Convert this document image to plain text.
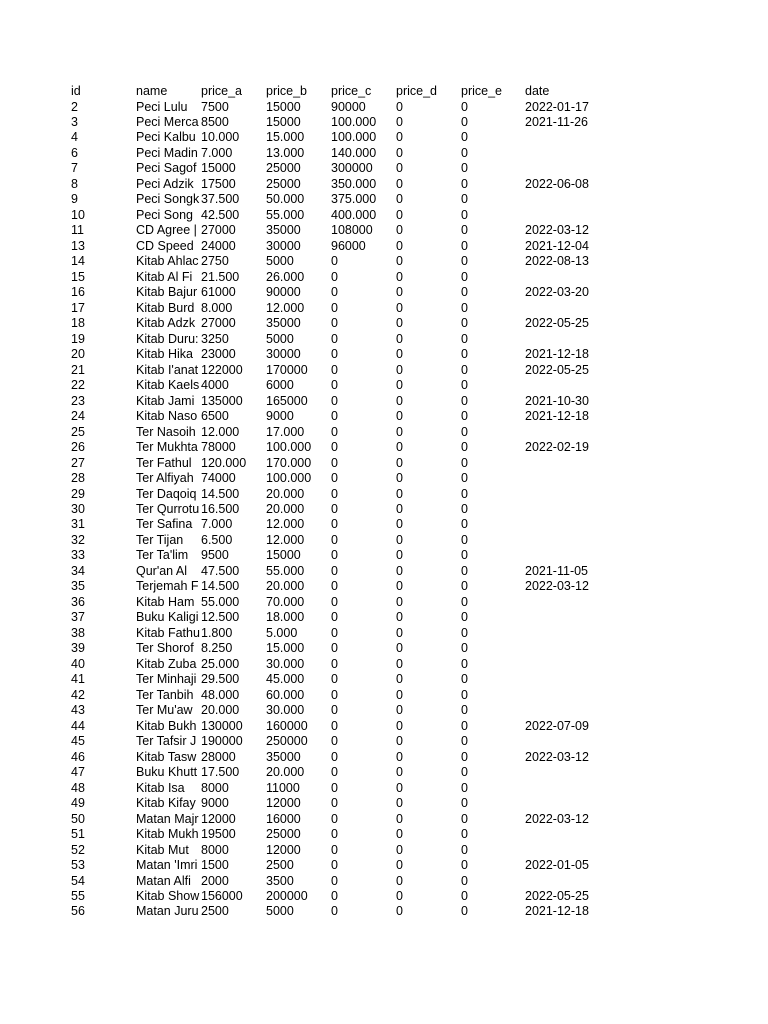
id	name	price_a	price_b	price_c	price_d	price_e	date
2	Peci Lulu	7500	15000	90000	0	0	2022-01-17
3	Peci Merca 8500	15000	100.000	0	0	2021-11-26
4	Peci Kalbu 10.000	15.000	100.000	0	0
6	Peci Madin 7.000	13.000	140.000	0	0
7	Peci Sagof 15000	25000	300000	0	0
8	Peci Adzik 17500	25000	350.000	0	0	2022-06-08
9	Peci Songk 37.500	50.000	375.000	0	0
10	Peci Song 42.500	55.000	400.000	0	0
11	CD Agree | 27000	35000	108000	0	0	2022-03-12
13	CD Speed 24000	30000	96000	0	0	2021-12-04
14	Kitab Ahlac 2750	5000	0	0	0	2022-08-13
15	Kitab Al Fi 21.500	26.000	0	0	0
16	Kitab Bajur 61000	90000	0	0	0	2022-03-20
17	Kitab Burd 8.000	12.000	0	0	0
18	Kitab Adzk 27000	35000	0	0	0	2022-05-25
19	Kitab Duru: 3250	5000	0	0	0
20	Kitab Hika 23000	30000	0	0	0	2021-12-18
21	Kitab I'anat 122000	170000	0	0	0	2022-05-25
22	Kitab Kaels 4000	6000	0	0	0
23	Kitab Jami 135000	165000	0	0	0	2021-10-30
24	Kitab Naso 6500	9000	0	0	0	2021-12-18
25	Ter Nasoih 12.000	17.000	0	0	0
26	Ter Mukhta 78000	100.000	0	0	0	2022-02-19
27	Ter Fathul 120.000	170.000	0	0	0
28	Ter Alfiyah 74000	100.000	0	0	0
29	Ter Daqoiq 14.500	20.000	0	0	0
30	Ter Qurrotu 16.500	20.000	0	0	0
31	Ter Safina 7.000	12.000	0	0	0
32	Ter Tijan	6.500	12.000	0	0	0
33	Ter Ta'lim	9500	15000	0	0	0
34	Qur'an Al	47.500	55.000	0	0	0	2021-11-05
35	Terjemah F 14.500	20.000	0	0	0	2022-03-12
36	Kitab Ham 55.000	70.000	0	0	0
37	Buku Kaligi 12.500	18.000	0	0	0
38	Kitab Fathu 1.800	5.000	0	0	0
39	Ter Shorof 8.250	15.000	0	0	0
40	Kitab Zuba 25.000	30.000	0	0	0
41	Ter Minhaji 29.500	45.000	0	0	0
42	Ter Tanbih 48.000	60.000	0	0	0
43	Ter Mu'aw 20.000	30.000	0	0	0
44	Kitab Bukh 130000	160000	0	0	0	2022-07-09
45	Ter Tafsir J 190000	250000	0	0	0
46	Kitab Tasw 28000	35000	0	0	0	2022-03-12
47	Buku Khutt 17.500	20.000	0	0	0
48	Kitab Isa	8000	11000	0	0	0
49	Kitab Kifay 9000	12000	0	0	0
50	Matan Majr 12000	16000	0	0	0	2022-03-12
51	Kitab Mukh 19500	25000	0	0	0
52	Kitab Mut 8000	12000	0	0	0
53	Matan 'Imri 1500	2500	0	0	0	2022-01-05
54	Matan Alfi 2000	3500	0	0	0
55	Kitab Show 156000	200000	0	0	0	2022-05-25
56	Matan Juru 2500	5000	0	0	0	2021-12-18
